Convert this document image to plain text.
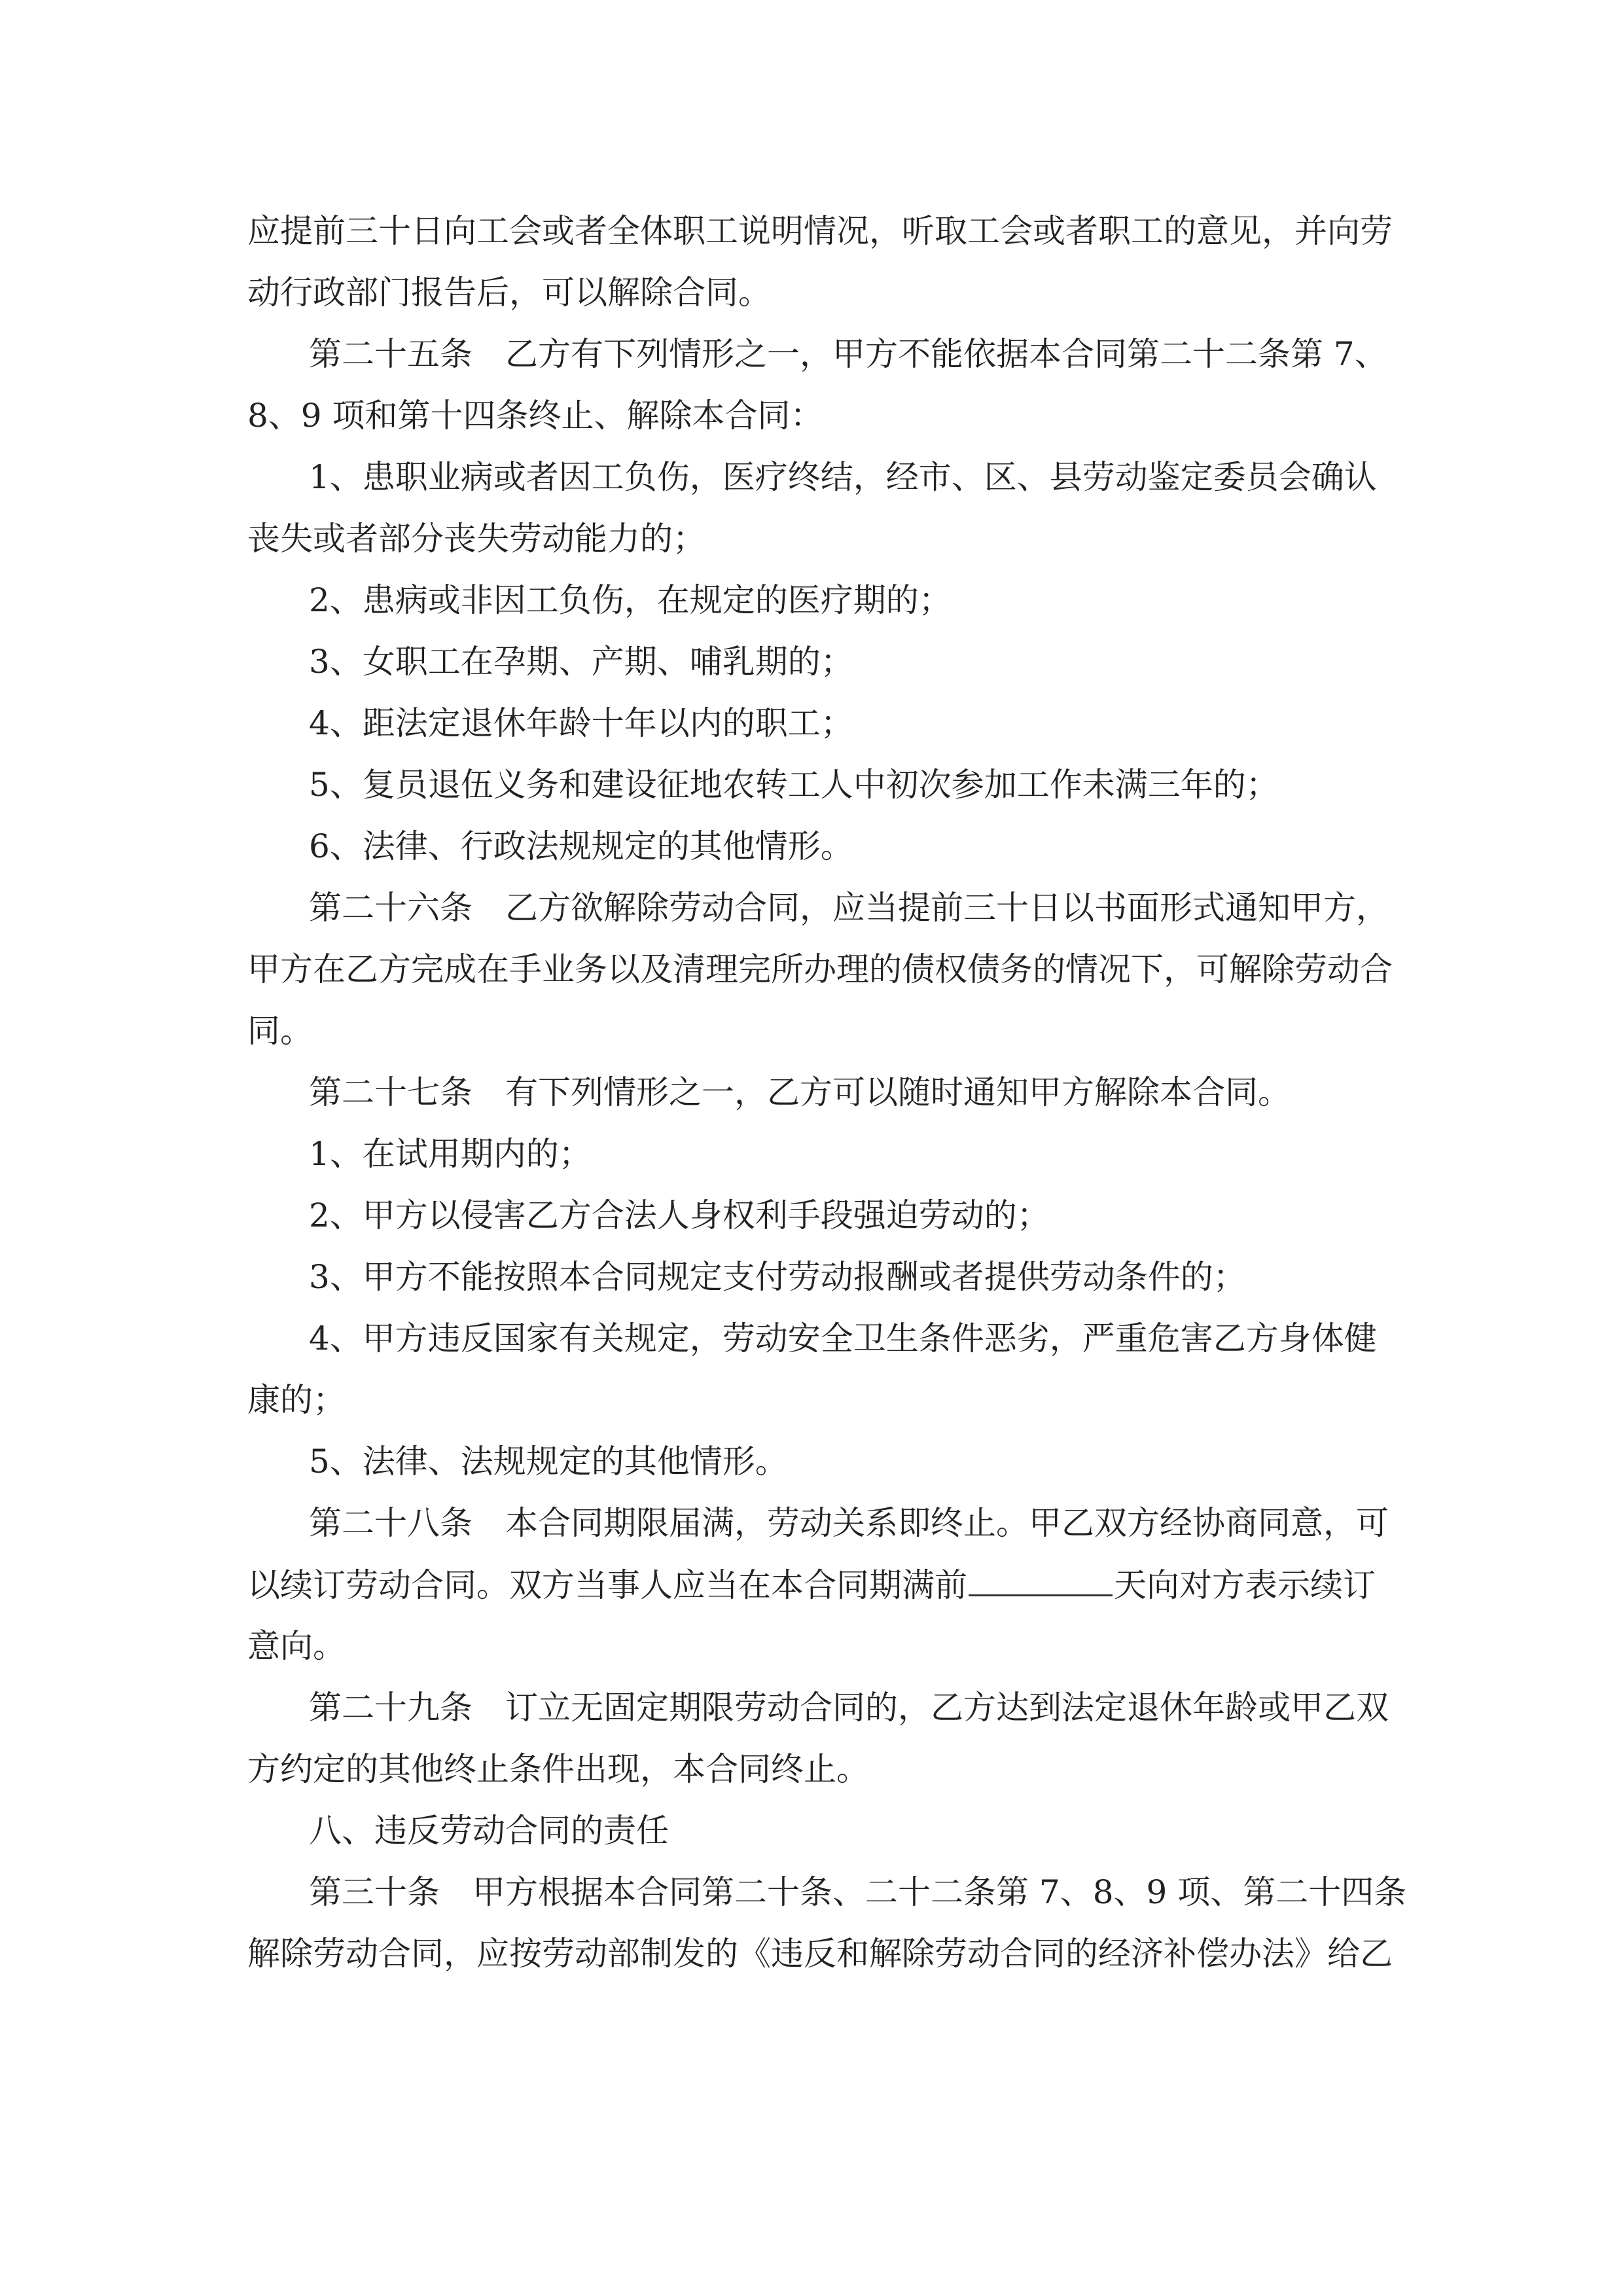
应提前三十日向工会或者全体职工说明情况，听取工会或者职工的意见，并向劳
动行政部门报告后，可以解除合同。
第二十五条　乙方有下列情形之一，甲方不能依据本合同第二十二条第 7、
8、9 项和第十四条终止、解除本合同：
1、患职业病或者因工负伤，医疗终结，经市、区、县劳动鉴定委员会确认
丧失或者部分丧失劳动能力的；
2、患病或非因工负伤，在规定的医疗期的；
3、女职工在孕期、产期、哺乳期的；
4、距法定退休年龄十年以内的职工；
5、复员退伍义务和建设征地农转工人中初次参加工作未满三年的；
6、法律、行政法规规定的其他情形。
第二十六条　乙方欲解除劳动合同，应当提前三十日以书面形式通知甲方，
甲方在乙方完成在手业务以及清理完所办理的债权债务的情况下，可解除劳动合
同。
第二十七条　有下列情形之一，乙方可以随时通知甲方解除本合同。
1、在试用期内的；
2、甲方以侵害乙方合法人身权利手段强迫劳动的；
3、甲方不能按照本合同规定支付劳动报酬或者提供劳动条件的；
4、甲方违反国家有关规定，劳动安全卫生条件恶劣，严重危害乙方身体健
康的；
5、法律、法规规定的其他情形。
第二十八条　本合同期限届满，劳动关系即终止。甲乙双方经协商同意，可
以续订劳动合同。双方当事人应当在本合同期满前	天向对方表示续订
意向。
第二十九条　订立无固定期限劳动合同的，乙方达到法定退休年龄或甲乙双
方约定的其他终止条件出现，本合同终止。
八、违反劳动合同的责任
第三十条　甲方根据本合同第二十条、二十二条第 7、8、9 项、第二十四条
解除劳动合同，应按劳动部制发的《违反和解除劳动合同的经济补偿办法》给乙
